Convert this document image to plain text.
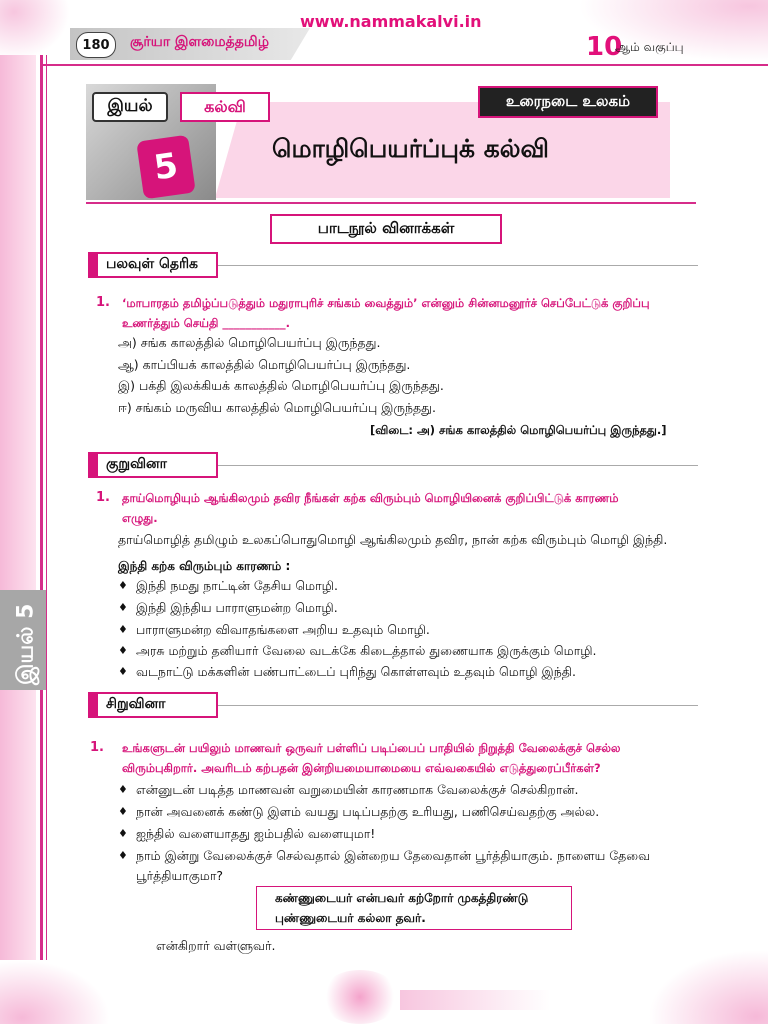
இயல் 5
180	சூர்யா இளமைத்தமிழ்
www.nammakalvi.in
10
ஆம் வகுப்பு
இயல்	கல்வி
5
உரைநடை உலகம்
மொழிபெயர்ப்புக் கல்வி
பாடநூல் வினாக்கள்
பலவுள் தெரிக
1. ‘மாபாரதம் தமிழ்ப்படுத்தும் மதுராபுரிச் சங்கம் வைத்தும்’ என்னும் சின்னமனூர்ச் செப்பேட்டுக் குறிப்பு
உணர்த்தும் செய்தி ___________.
அ) சங்க காலத்தில் மொழிபெயர்ப்பு இருந்தது.
ஆ) காப்பியக் காலத்தில் மொழிபெயர்ப்பு இருந்தது.
இ) பக்தி இலக்கியக் காலத்தில் மொழிபெயர்ப்பு இருந்தது.
ஈ) சங்கம் மருவிய காலத்தில் மொழிபெயர்ப்பு இருந்தது.
[விடை: அ) சங்க காலத்தில் மொழிபெயர்ப்பு இருந்தது.]
குறுவினா
1. தாய்மொழியும் ஆங்கிலமும் தவிர நீங்கள் கற்க விரும்பும் மொழியினைக் குறிப்பிட்டுக் காரணம்
எழுது.
தாய்மொழித் தமிழும் உலகப்பொதுமொழி ஆங்கிலமும் தவிர, நான் கற்க விரும்பும் மொழி இந்தி.
இந்தி கற்க விரும்பும் காரணம் :
♦ இந்தி நமது நாட்டின் தேசிய மொழி.
♦ இந்தி இந்திய பாராளுமன்ற மொழி.
♦ பாராளுமன்ற விவாதங்களை அறிய உதவும் மொழி.
♦ அரசு மற்றும் தனியார் வேலை வடக்கே கிடைத்தால் துணையாக இருக்கும் மொழி.
♦ வடநாட்டு மக்களின் பண்பாட்டைப் புரிந்து கொள்ளவும் உதவும் மொழி இந்தி.
சிறுவினா
1. உங்களுடன் பயிலும் மாணவர் ஒருவர் பள்ளிப் படிப்பைப் பாதியில் நிறுத்தி வேலைக்குச் செல்ல
விரும்புகிறார். அவரிடம் கற்பதன் இன்றியமையாமையை எவ்வகையில் எடுத்துரைப்பீர்கள்?
♦ என்னுடன் படித்த மாணவன் வறுமையின் காரணமாக வேலைக்குச் செல்கிறான்.
♦ நான் அவனைக் கண்டு இளம் வயது படிப்பதற்கு உரியது, பணிசெய்வதற்கு அல்ல.
♦ ஐந்தில் வளையாதது ஐம்பதில் வளையுமா!
♦ நாம் இன்று வேலைக்குச் செல்வதால் இன்றைய தேவைதான் பூர்த்தியாகும். நாளைய தேவை
பூர்த்தியாகுமா?
கண்ணுடையர் என்பவர் கற்றோர் முகத்திரண்டு
புண்ணுடையர் கல்லா தவர்.
என்கிறார் வள்ளுவர்.
